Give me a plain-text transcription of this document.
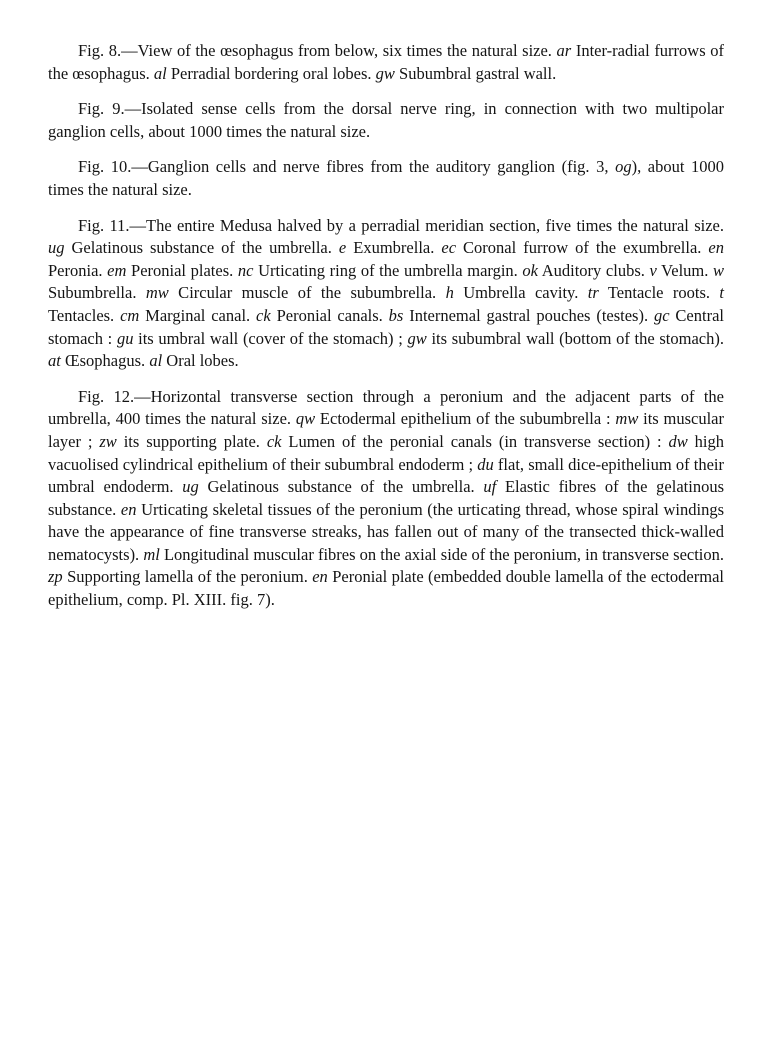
Fig. 8.—View of the œsophagus from below, six times the natural size. ar Inter-radial furrows of the œsophagus. al Perradial bordering oral lobes. gw Subumbral gastral wall.

Fig. 9.—Isolated sense cells from the dorsal nerve ring, in connection with two multipolar ganglion cells, about 1000 times the natural size.

Fig. 10.—Ganglion cells and nerve fibres from the auditory ganglion (fig. 3, og), about 1000 times the natural size.

Fig. 11.—The entire Medusa halved by a perradial meridian section, five times the natural size. ug Gelatinous substance of the umbrella. e Exumbrella. ec Coronal furrow of the exumbrella. en Peronia. em Peronial plates. nc Urticating ring of the umbrella margin. ok Auditory clubs. v Velum. w Subumbrella. mw Circular muscle of the subumbrella. h Umbrella cavity. tr Tentacle roots. t Tentacles. cm Marginal canal. ck Peronial canals. bs Internemal gastral pouches (testes). gc Central stomach : gu its umbral wall (cover of the stomach) ; gw its subumbral wall (bottom of the stomach). at Œsophagus. al Oral lobes.

Fig. 12.—Horizontal transverse section through a peronium and the adjacent parts of the umbrella, 400 times the natural size. qw Ectodermal epithelium of the subumbrella : mw its muscular layer ; zw its supporting plate. ck Lumen of the peronial canals (in transverse section) : dw high vacuolised cylindrical epithelium of their subumbral endoderm ; du flat, small dice-epithelium of their umbral endoderm. ug Gelatinous substance of the umbrella. uf Elastic fibres of the gelatinous substance. en Urticating skeletal tissues of the peronium (the urticating thread, whose spiral windings have the appearance of fine transverse streaks, has fallen out of many of the transected thick-walled nematocysts). ml Longitudinal muscular fibres on the axial side of the peronium, in transverse section. zp Supporting lamella of the peronium. en Peronial plate (embedded double lamella of the ectodermal epithelium, comp. Pl. XIII. fig. 7).
